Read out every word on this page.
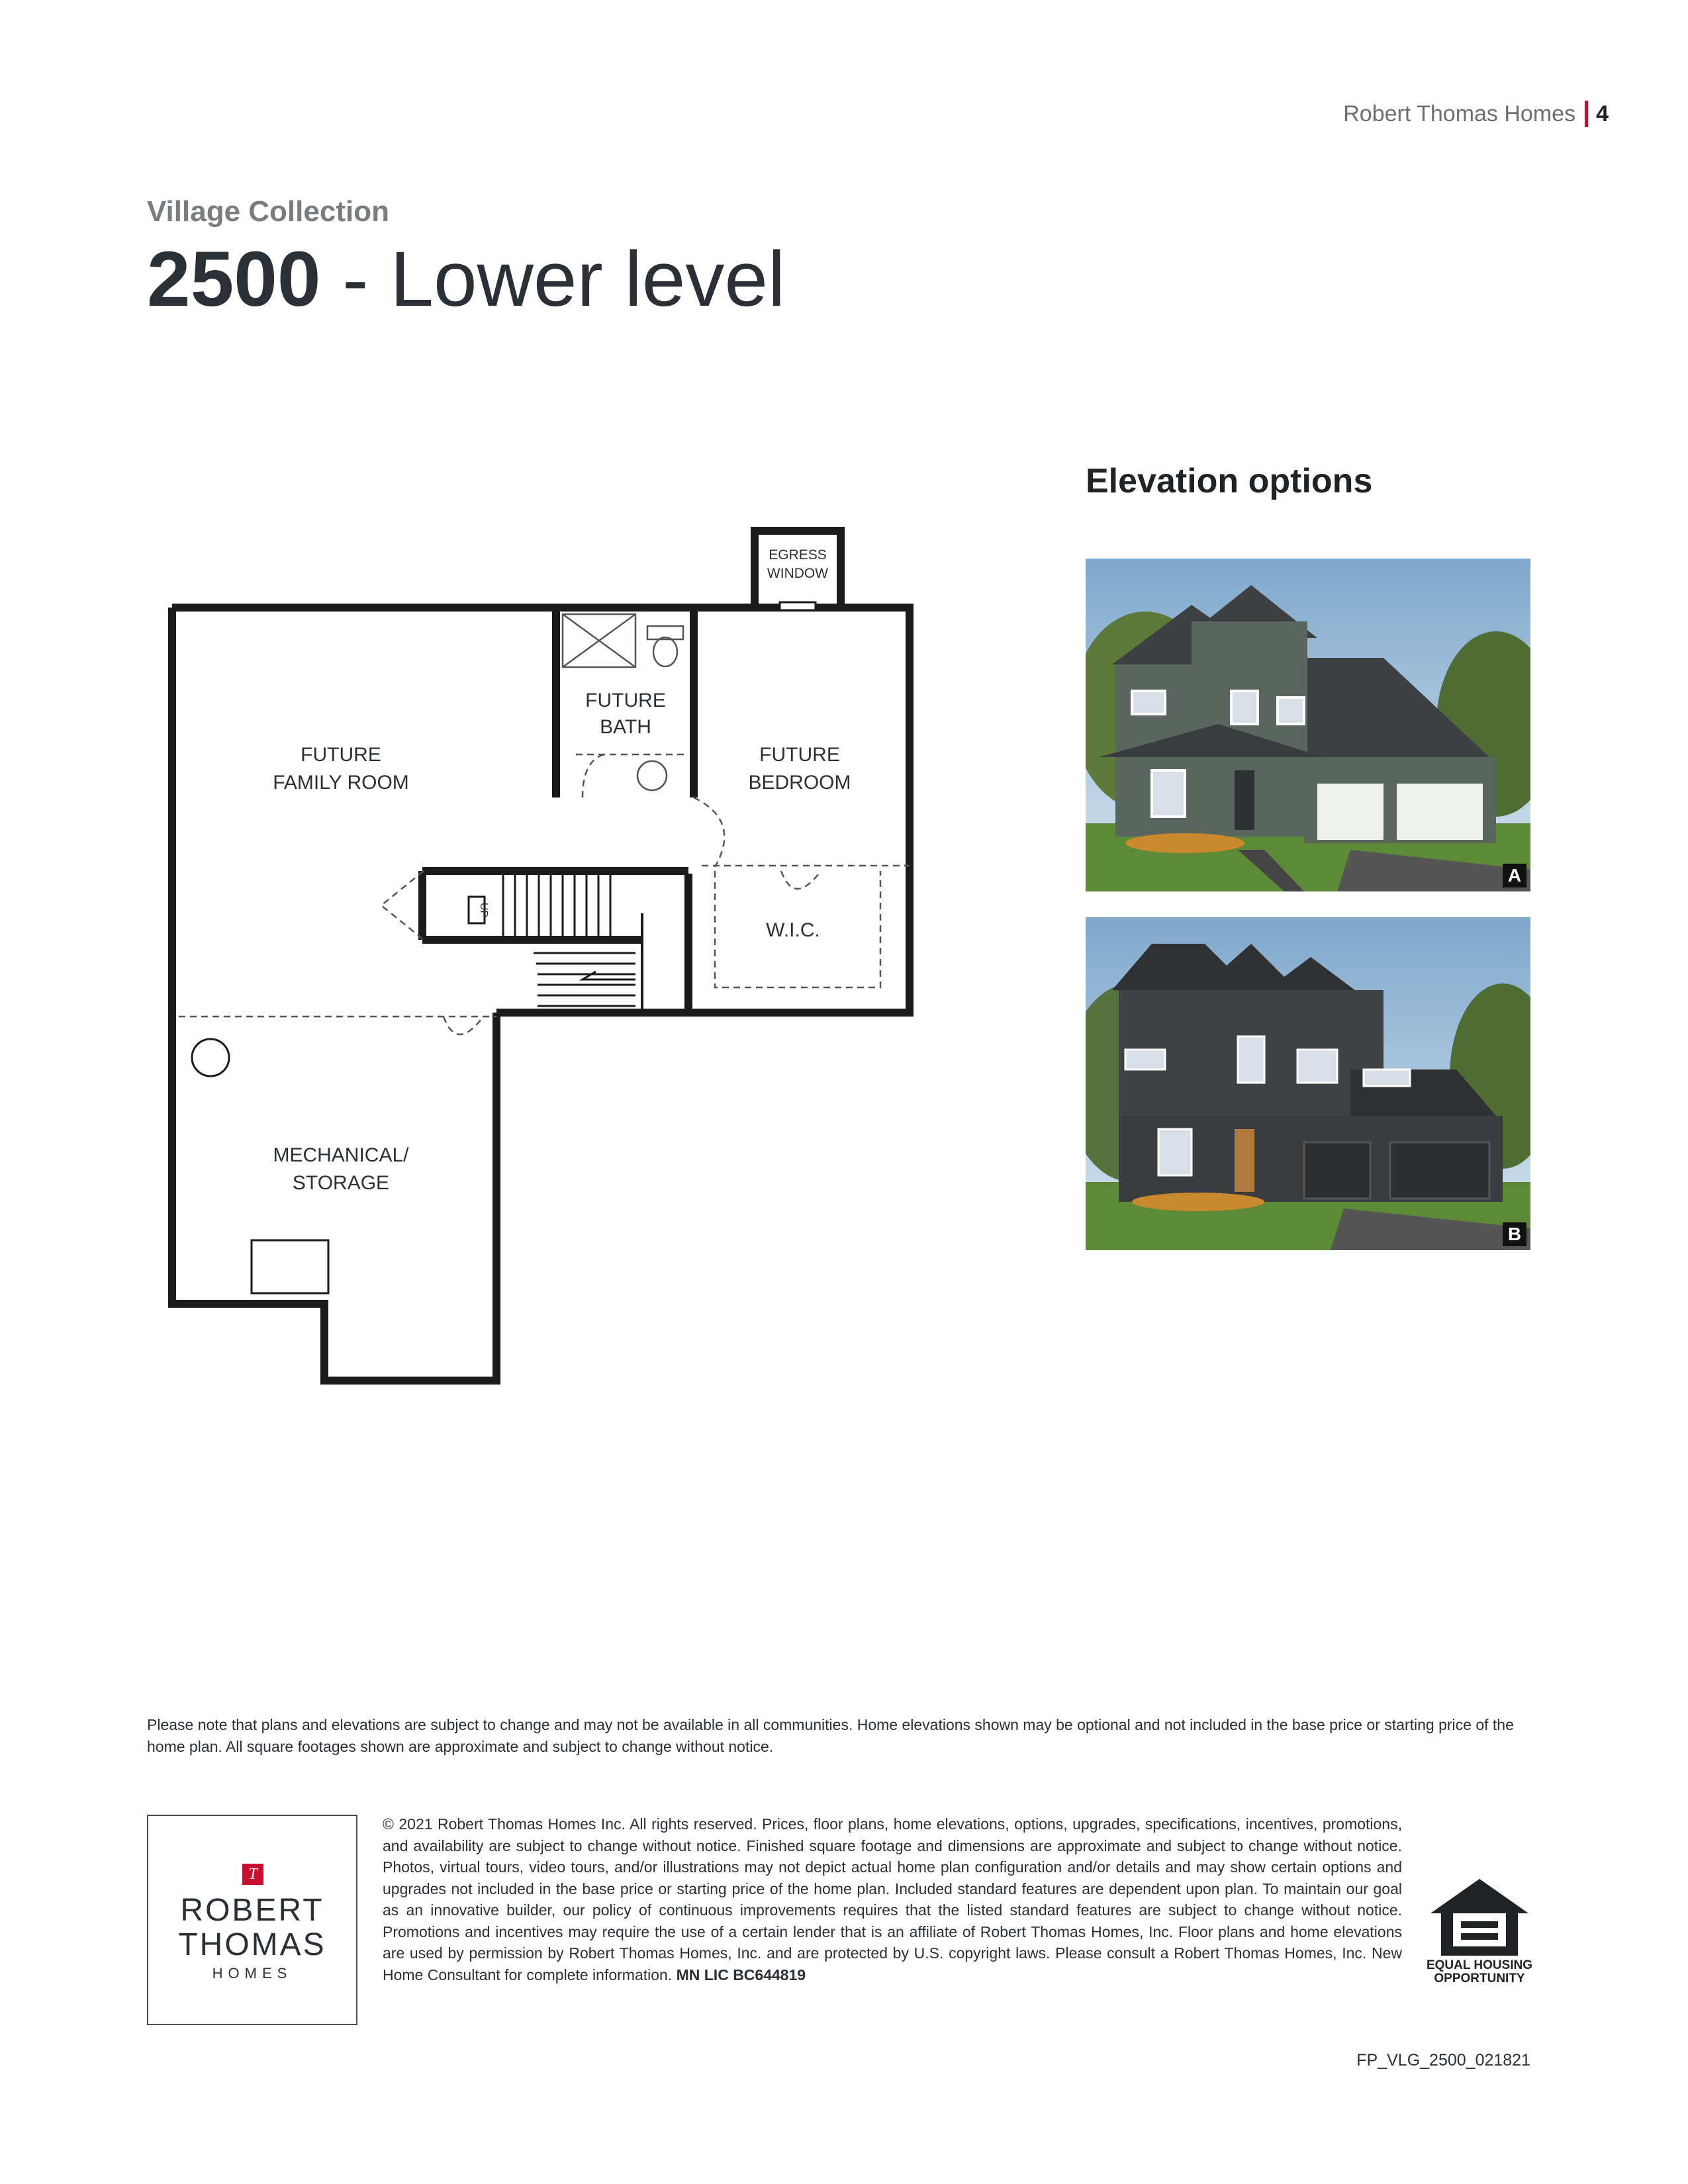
Robert Thomas Homes 4
Village Collection
2500 - Lower level
Elevation options
A
B
EGRESS
WINDOW
FUTURE
BATH
FUTURE
BEDROOM
FUTURE
FAMILY ROOM
W.I.C.
MECHANICAL/
STORAGE
UP
Please note that plans and elevations are subject to change and may not be available in all communities. Home elevations shown may be optional and not included in the base price or starting price of the home plan. All square footages shown are approximate and subject to change without notice.
T
ROBERT
THOMAS
HOMES
© 2021 Robert Thomas Homes Inc. All rights reserved. Prices, floor plans, home elevations, options, upgrades, specifications, incentives, promotions, and availability are subject to change without notice. Finished square footage and dimensions are approximate and subject to change without notice. Photos, virtual tours, video tours, and/or illustrations may not depict actual home plan configuration and/or details and may show certain options and upgrades not included in the base price or starting price of the home plan. Included standard features are dependent upon plan. To maintain our goal as an innovative builder, our policy of continuous improvements requires that the listed standard features are subject to change without notice. Promotions and incentives may require the use of a certain lender that is an affiliate of Robert Thomas Homes, Inc. Floor plans and home elevations are used by permission by Robert Thomas Homes, Inc. and are protected by U.S. copyright laws. Please consult a Robert Thomas Homes, Inc. New Home Consultant for complete information. MN LIC BC644819
EQUAL HOUSING
OPPORTUNITY
FP_VLG_2500_021821
